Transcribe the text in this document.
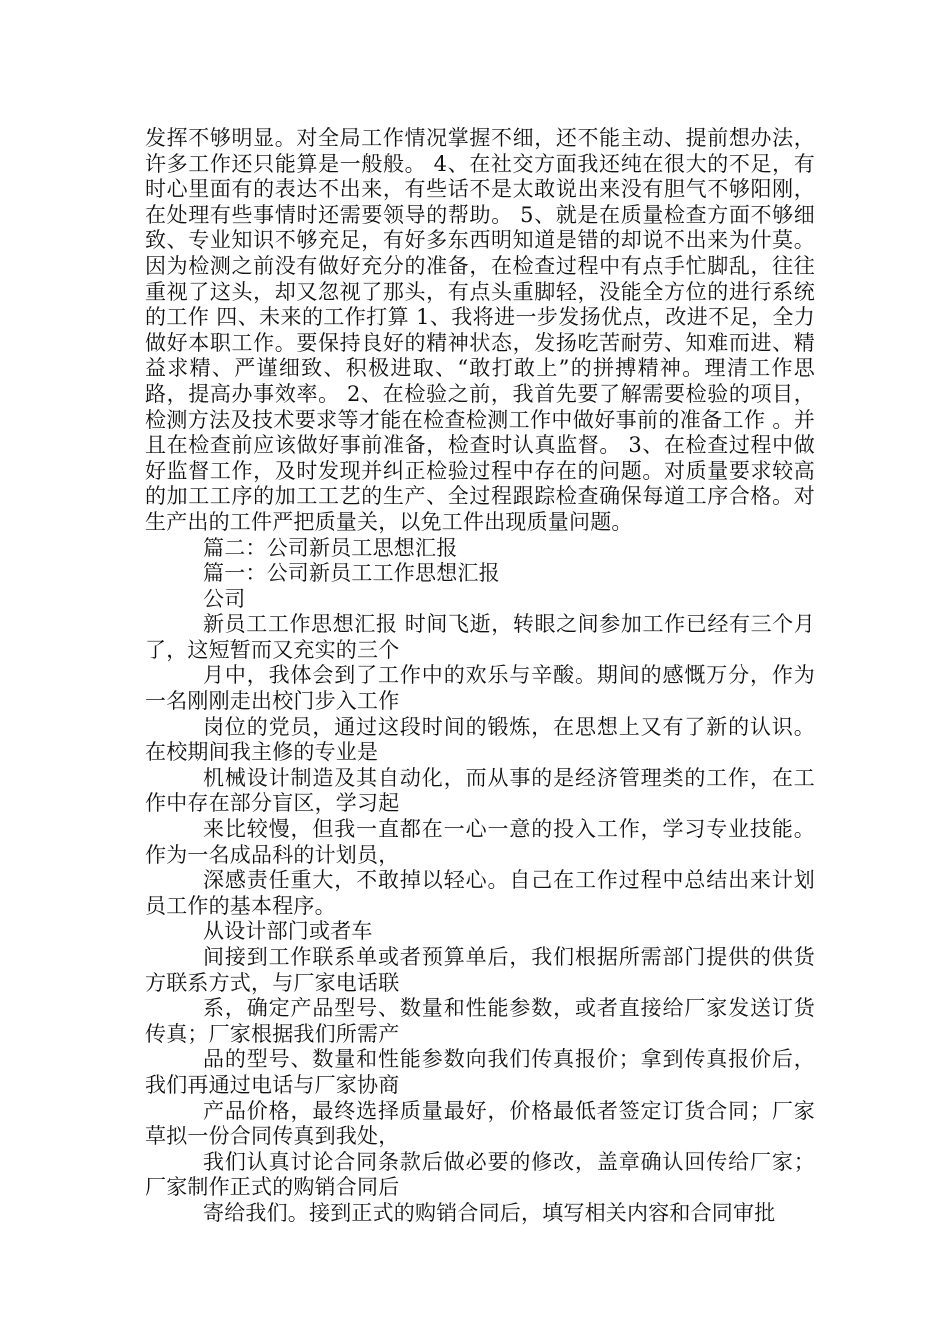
发挥不够明显。对全局工作情况掌握不细，还不能主动、提前想办法，许多工作还只能算是一般般。 4、在社交方面我还纯在很大的不足，有时心里面有的表达不出来，有些话不是太敢说出来没有胆气不够阳刚，在处理有些事情时还需要领导的帮助。 5、就是在质量检查方面不够细致、专业知识不够充足，有好多东西明知道是错的却说不出来为什莫。因为检测之前没有做好充分的准备，在检查过程中有点手忙脚乱，往往重视了这头，却又忽视了那头，有点头重脚轻，没能全方位的进行系统的工作 四、未来的工作打算 1、我将进一步发扬优点，改进不足，全力做好本职工作。要保持良好的精神状态，发扬吃苦耐劳、知难而进、精益求精、严谨细致、积极进取、“敢打敢上”的拼搏精神。理清工作思路，提高办事效率。 2、在检验之前，我首先要了解需要检验的项目，检测方法及技术要求等才能在检查检测工作中做好事前的准备工作 。并且在检查前应该做好事前准备，检查时认真监督。 3、在检查过程中做好监督工作，及时发现并纠正检验过程中存在的问题。对质量要求较高的加工工序的加工工艺的生产、全过程跟踪检查确保每道工序合格。对生产出的工件严把质量关，以免工件出现质量问题。

篇二：公司新员工思想汇报

篇一：公司新员工工作思想汇报

公司

新员工工作思想汇报 时间飞逝，转眼之间参加工作已经有三个月了，这短暂而又充实的三个

月中，我体会到了工作中的欢乐与辛酸。期间的感慨万分，作为一名刚刚走出校门步入工作

岗位的党员，通过这段时间的锻炼，在思想上又有了新的认识。在校期间我主修的专业是

机械设计制造及其自动化，而从事的是经济管理类的工作，在工作中存在部分盲区，学习起

来比较慢，但我一直都在一心一意的投入工作，学习专业技能。作为一名成品科的计划员，

深感责任重大，不敢掉以轻心。自己在工作过程中总结出来计划员工作的基本程序。

从设计部门或者车

间接到工作联系单或者预算单后，我们根据所需部门提供的供货方联系方式，与厂家电话联

系，确定产品型号、数量和性能参数，或者直接给厂家发送订货传真；厂家根据我们所需产

品的型号、数量和性能参数向我们传真报价；拿到传真报价后，我们再通过电话与厂家协商

产品价格，最终选择质量最好，价格最低者签定订货合同；厂家草拟一份合同传真到我处，

我们认真讨论合同条款后做必要的修改，盖章确认回传给厂家；厂家制作正式的购销合同后

寄给我们。接到正式的购销合同后，填写相关内容和合同审批
